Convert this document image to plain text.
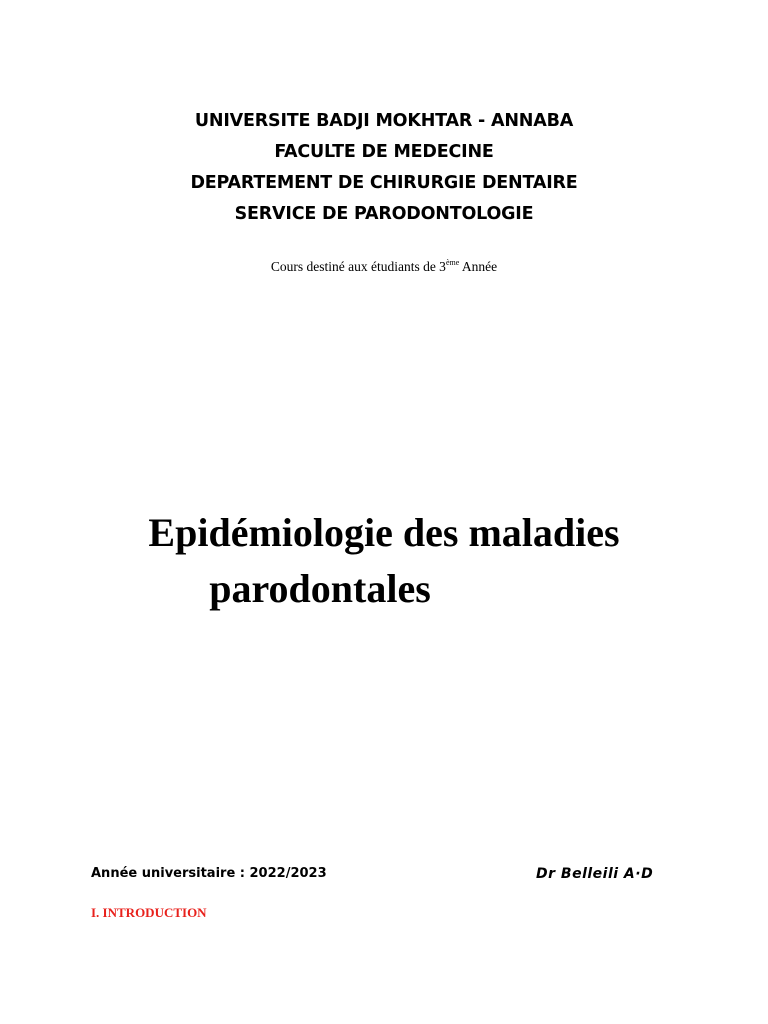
UNIVERSITE BADJI MOKHTAR - ANNABA
FACULTE DE MEDECINE
DEPARTEMENT DE CHIRURGIE DENTAIRE
SERVICE DE PARODONTOLOGIE
Cours destiné aux étudiants de 3ème Année
Epidémiologie des maladies
parodontales
Année universitaire : 2022/2023	Dr Belleili A·D
I. INTRODUCTION
